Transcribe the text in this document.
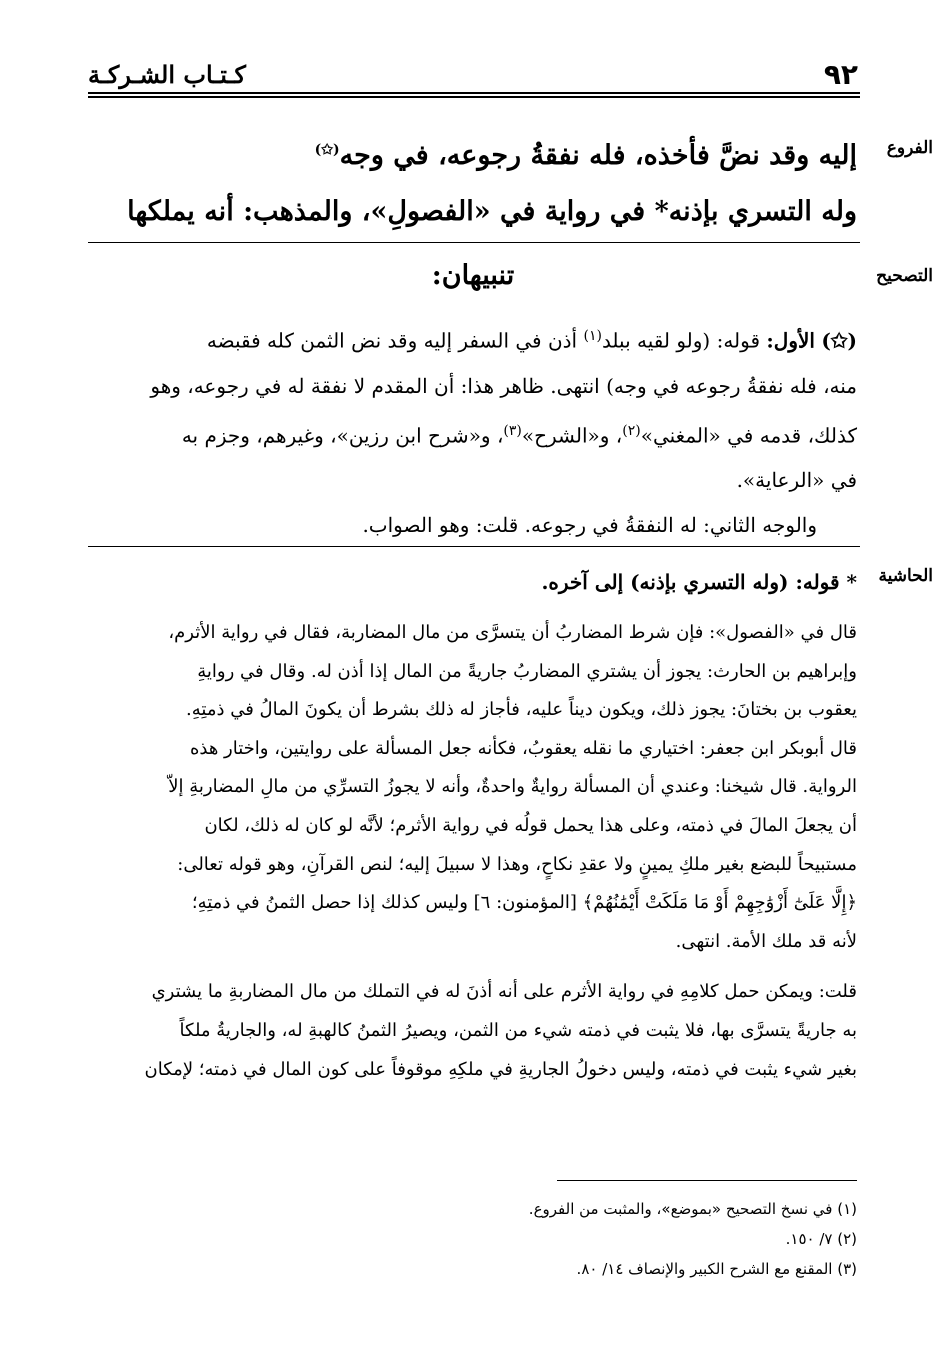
٩٢
كـتـاب الشـركـة
الفروع
إليه وقد نضَّ فأخذه، فله نفقةُ رجوعه، في وجه(✩)
وله التسري بإذنه* في رواية في «الفصولِ»، والمذهب: أنه يملكها
التصحيح
تنبيهان:
(✩) الأول: قوله: (ولو لقيه ببلد$^{(١)}$ أذن في السفر إليه وقد نض الثمن كله فقبضه
منه، فله نفقةُ رجوعه في وجه) انتهى. ظاهر هذا: أن المقدم لا نفقة له في رجوعه، وهو
كذلك، قدمه في «المغني»$^{(٢)}$، و«الشرح»$^{(٣)}$، و«شرح ابن رزين»، وغيرهم، وجزم به
في «الرعاية».
والوجه الثاني: له النفقةُ في رجوعه. قلت: وهو الصواب.
الحاشية
* قوله: (وله التسري بإذنه) إلى آخره.
قال في «الفصول»: فإن شرط المضاربُ أن يتسرَّى من مال المضاربة، فقال في رواية الأثرم،
وإبراهيم بن الحارث: يجوز أن يشتري المضاربُ جاريةً من المال إذا أذن له. وقال في روايةِ
يعقوب بن بختانَ: يجوز ذلك، ويكون ديناً عليه، فأجاز له ذلك بشرط أن يكونَ المالُ في ذمتِهِ.
قال أبوبكر ابن جعفر: اختياري ما نقله يعقوبُ، فكأنه جعل المسألة على روايتين، واختار هذه
الرواية. قال شيخنا: وعندي أن المسألة روايةٌ واحدةٌ، وأنه لا يجوزُ التسرِّي من مالِ المضاربةِ إلاّ
أن يجعلَ المالَ في ذمته، وعلى هذا يحمل قولُه في رواية الأثرم؛ لأنَّه لو كان له ذلك، لكان
مستبيحاً للبضع بغير ملكِ يمينٍ ولا عقدِ نكاحٍ، وهذا لا سبيلَ إليه؛ لنص القرآنِ، وهو قوله تعالى:
﴿إِلَّا عَلَىٰٓ أَزْوَٰجِهِمْ أَوْ مَا مَلَكَتْ أَيْمَٰنُهُمْ﴾ [المؤمنون: ٦] وليس كذلك إذا حصل الثمنُ في ذمتِهِ؛
لأنه قد ملك الأمة. انتهى.
قلت: ويمكن حمل كلامِهِ في رواية الأثرم على أنه أذنَ له في التملك من مال المضاربةِ ما يشتري
به جاريةً يتسرَّى بها، فلا يثبت في ذمته شيء من الثمن، ويصيرُ الثمنُ كالهبةِ له، والجاريةُ ملكاً
بغير شيء يثبت في ذمته، وليس دخولُ الجاريةِ في ملكِهِ موقوفاً على كون المال في ذمته؛ لإمكان
(١) في نسخ التصحيح «بموضع»، والمثبت من الفروع.
(٢) ٧/ ١٥٠.
(٣) المقنع مع الشرح الكبير والإنصاف ١٤/ ٨٠.
